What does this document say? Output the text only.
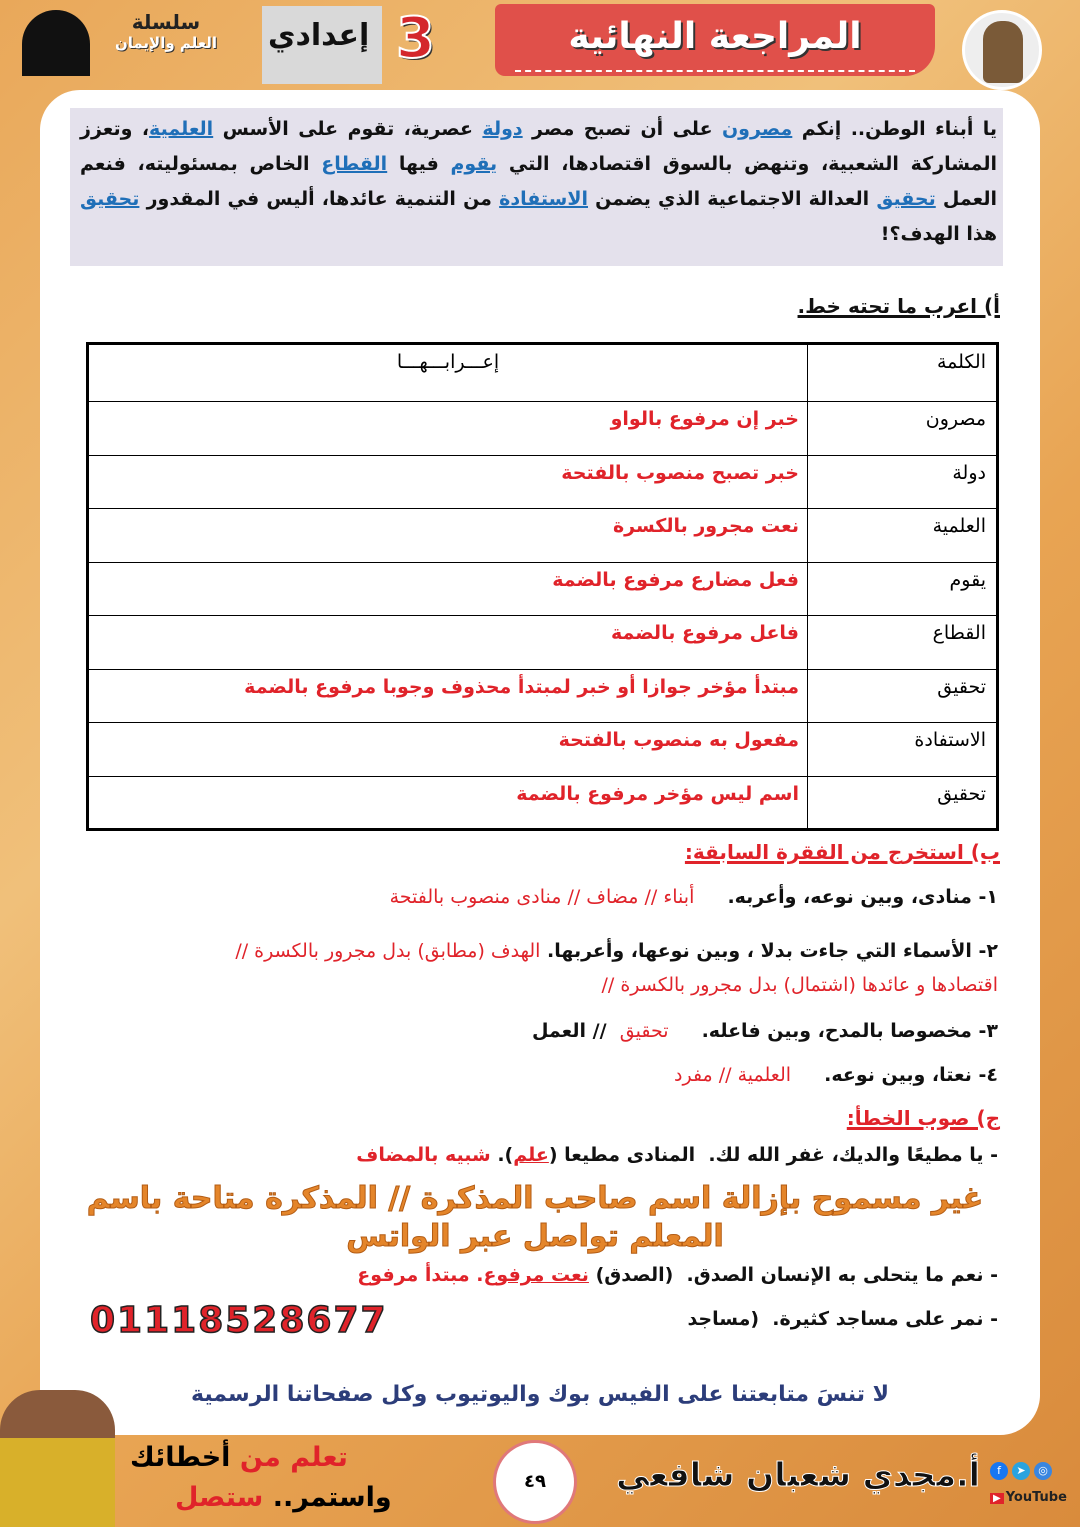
سلسلة
العلم والإيمان	إعدادي 3	المراجعة النهائية
يا أبناء الوطن.. إنكم مصرون على أن تصبح مصر دولة عصرية، تقوم على الأسس العلمية، وتعزز المشاركة الشعبية، وتنهض بالسوق اقتصادها، التي يقوم فيها القطاع الخاص بمسئوليته، فنعم العمل تحقيق العدالة الاجتماعية الذي يضمن الاستفادة من التنمية عائدها، أليس في المقدور تحقيق هذا الهدف؟!
أ) اعرب ما تحته خط.
الكلمة	إعـــرابـــهـــا
مصرون	خبر إن مرفوع بالواو
دولة	خبر تصبح منصوب بالفتحة
العلمية	نعت مجرور بالكسرة
يقوم	فعل مضارع مرفوع بالضمة
القطاع	فاعل مرفوع بالضمة
تحقيق	مبتدأ مؤخر جوازا أو خبر لمبتدأ محذوف وجوبا مرفوع بالضمة
الاستفادة	مفعول به منصوب بالفتحة
تحقيق	اسم ليس مؤخر مرفوع بالضمة
ب) استخرج من الفقرة السابقة:
١- منادى، وبين نوعه، وأعربه.     أبناء // مضاف // منادى منصوب بالفتحة
٢- الأسماء التي جاءت بدلا ، وبين نوعها، وأعربها. الهدف (مطابق) بدل مجرور بالكسرة //
اقتصادها و عائدها (اشتمال) بدل مجرور بالكسرة //
٣- مخصوصا بالمدح، وبين فاعله.     تحقيق  // العمل
٤- نعتا، وبين نوعه.     العلمية // مفرد
ج) صوب الخطأ:
- يا مطيعًا والديك، غفر الله لك.  المنادى مطيعا (علم). شبيه بالمضاف
غير مسموح بإزالة اسم صاحب المذكرة // المذكرة متاحة باسم المعلم تواصل عبر الواتس
- نعم ما يتحلى به الإنسان الصدق.  (الصدق) نعت مرفوع. مبتدأ مرفوع
- نمر على مساجد كثيرة.  (مساجد
01118528677
لا تنسَ متابعتنا على الفيس بوك واليوتيوب وكل صفحاتنا الرسمية
تعلم من أخطائك
واستمر.. ستصل
٤٩	أ.مجدي شعبان شافعي	f	➤	◎
▶ YouTube
